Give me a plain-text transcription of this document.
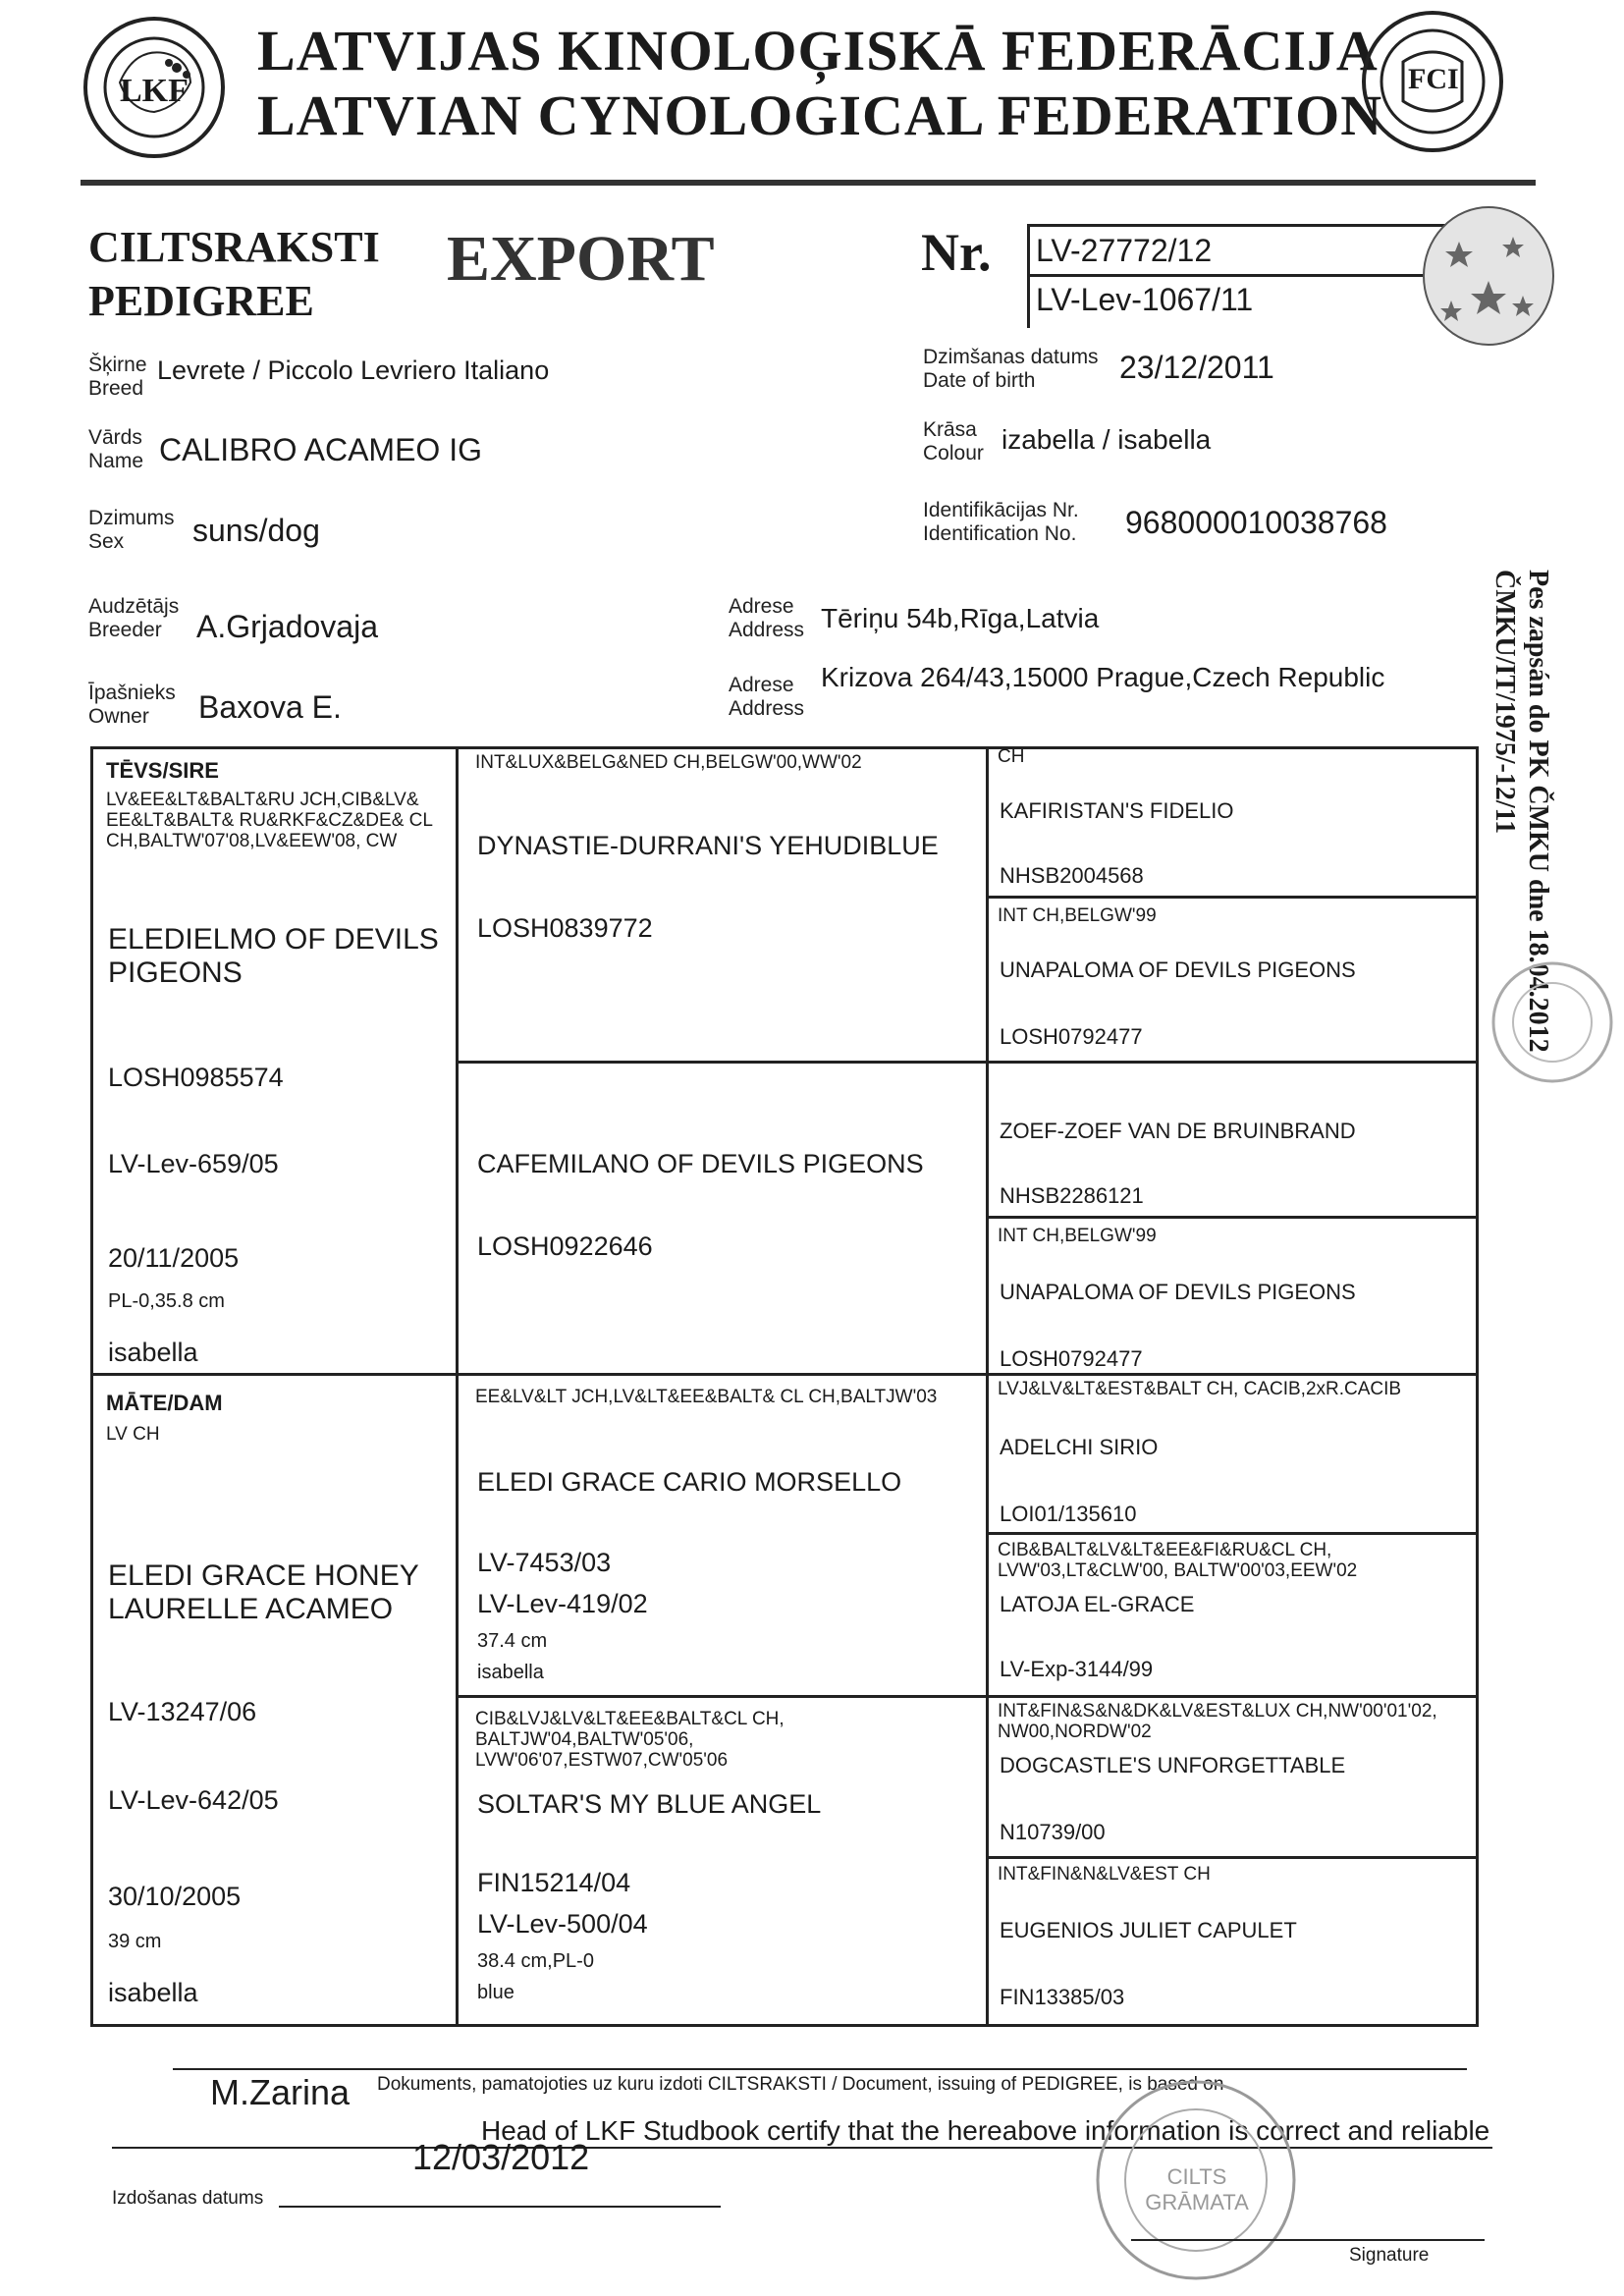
LKF
LATVIJAS KINOLOĢISKĀ FEDERĀCIJA
LATVIAN CYNOLOGICAL FEDERATION
FCI
CILTSRAKSTI
PEDIGREE
EXPORT	Nr. LV-27772/12
LV-Lev-1067/11
Šķirne
Breed
Levrete / Piccolo Levriero Italiano
Vārds
Name CALIBRO ACAMEO IG
Dzimums
Sex	suns/dog
Dzimšanas datums
Date of birth	23/12/2011
Krāsa
Colour izabella / isabella
Identifikācijas Nr.
Identification No. 968000010038768
Audzētājs
Breeder	A.Grjadovaja
Adrese
Address Tēriņu 54b,Rīga,Latvia
Īpašnieks
Owner	Baxova E.
Adrese
Address
Krizova 264/43,15000 Prague,Czech Republic	Pes zapsán do PK ČMKU dne 18.04.2012
ČMKU/IT/1975/-12/11
TĒVS/SIRE
LV&EE&LT&BALT&RU JCH,CIB&LV& EE&LT&BALT& RU&RKF&CZ&DE& CL CH,BALTW'07'08,LV&EEW'08, CW
ELEDIELMO OF DEVILS PIGEONS
LOSH0985574
LV-Lev-659/05
20/11/2005
PL-0,35.8 cm
isabella
MĀTE/DAM
LV CH
ELEDI GRACE HONEY LAURELLE ACAMEO
LV-13247/06
LV-Lev-642/05
30/10/2005
39 cm
isabella
INT&LUX&BELG&NED CH,BELGW'00,WW'02
DYNASTIE-DURRANI'S YEHUDIBLUE
LOSH0839772
CAFEMILANO OF DEVILS PIGEONS
LOSH0922646
EE&LV&LT JCH,LV&LT&EE&BALT& CL CH,BALTJW'03
ELEDI GRACE CARIO MORSELLO
LV-7453/03
LV-Lev-419/02
37.4 cm
isabella
CIB&LVJ&LV&LT&EE&BALT&CL CH, BALTJW'04,BALTW'05'06, LVW'06'07,ESTW07,CW'05'06
SOLTAR'S MY BLUE ANGEL
FIN15214/04
LV-Lev-500/04
38.4 cm,PL-0
blue
CH
KAFIRISTAN'S FIDELIO
NHSB2004568
INT CH,BELGW'99
UNAPALOMA OF DEVILS PIGEONS
LOSH0792477
ZOEF-ZOEF VAN DE BRUINBRAND
NHSB2286121
INT CH,BELGW'99
UNAPALOMA OF DEVILS PIGEONS
LOSH0792477
LVJ&LV&LT&EST&BALT CH, CACIB,2xR.CACIB
ADELCHI SIRIO
LOI01/135610
CIB&BALT&LV&LT&EE&FI&RU&CL CH, LVW'03,LT&CLW'00, BALTW'00'03,EEW'02
LATOJA EL-GRACE
LV-Exp-3144/99
INT&FIN&S&N&DK&LV&EST&LUX CH,NW'00'01'02, NW00,NORDW'02
DOGCASTLE'S UNFORGETTABLE
N10739/00
INT&FIN&N&LV&EST CH
EUGENIOS JULIET CAPULET
FIN13385/03
M.Zarina Dokuments, pamatojoties uz kuru izdoti CILTSRAKSTI / Document, issuing of PEDIGREE, is based on
Head of LKF Studbook certify that the hereabove information is correct and reliable
12/03/2012
Izdošanas datums
CILTS GRĀMATA
Signature
